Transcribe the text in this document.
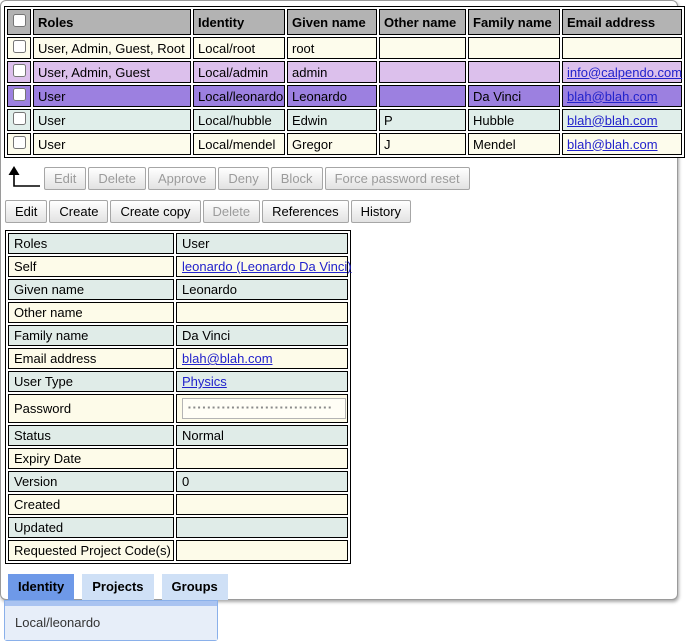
	Roles	Identity	Given name	Other name	Family name	Email address
	User, Admin, Guest, Root	Local/root	root			
	User, Admin, Guest	Local/admin	admin			info@calpendo.com
	User	Local/leonardo	Leonardo		Da Vinci	blah@blah.com
	User	Local/hubble	Edwin	P	Hubble	blah@blah.com
	User	Local/mendel	Gregor	J	Mendel	blah@blah.com
Edit Delete Approve Deny Block Force password reset
Edit Create Create copy Delete References History
Roles	User
Self	leonardo (Leonardo Da Vinci)
Given name	Leonardo
Other name	
Family name	Da Vinci
Email address	blah@blah.com
User Type	Physics
Password	▪▪▪▪▪▪▪▪▪▪▪▪▪▪▪▪▪▪▪▪▪▪▪▪▪▪▪▪▪▪

Status	Normal
Expiry Date	
Version	0
Created	
Updated	
Requested Project Code(s)	
Identity Projects Groups
Local/leonardo
